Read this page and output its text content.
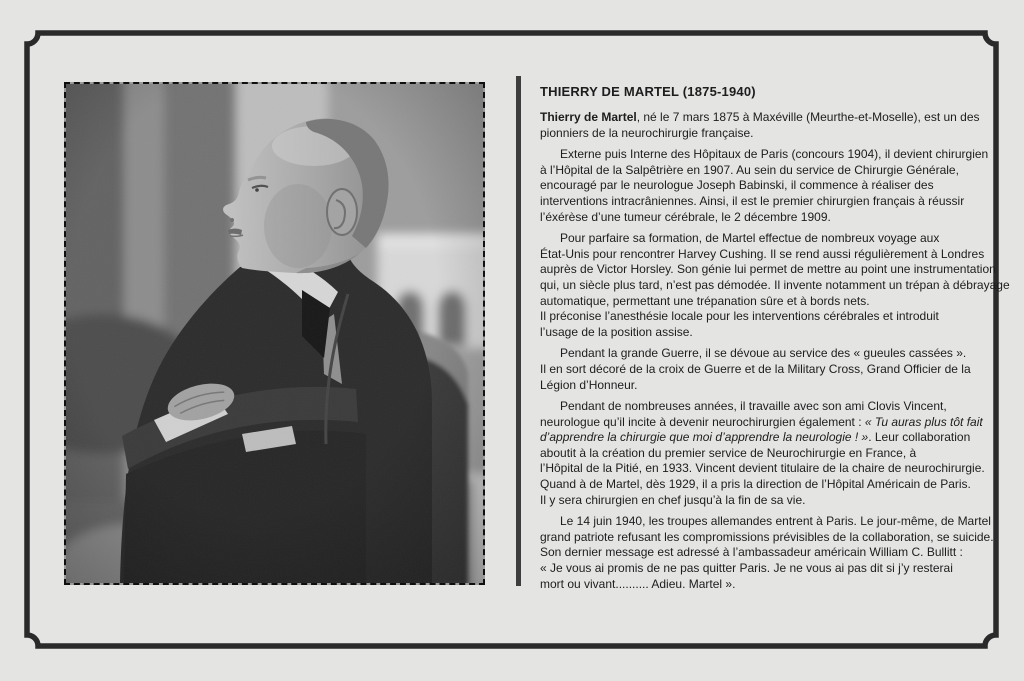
THIERRY DE MARTEL (1875-1940)

Thierry de Martel, né le 7 mars 1875 à Maxéville (Meurthe-et-Moselle), est un des
pionniers de la neurochirurgie française.

Externe puis Interne des Hôpitaux de Paris (concours 1904), il devient chirurgien
à l’Hôpital de la Salpêtrière en 1907. Au sein du service de Chirurgie Générale,
encouragé par le neurologue Joseph Babinski, il commence à réaliser des
interventions intracrâniennes. Ainsi, il est le premier chirurgien français à réussir
l’éxérèse d’une tumeur cérébrale, le 2 décembre 1909.

Pour parfaire sa formation, de Martel effectue de nombreux voyage aux
État-Unis pour rencontrer Harvey Cushing. Il se rend aussi régulièrement à Londres
auprès de Victor Horsley. Son génie lui permet de mettre au point une instrumentation
qui, un siècle plus tard, n’est pas démodée. Il invente notamment un trépan à débrayage
automatique, permettant une trépanation sûre et à bords nets.
Il préconise l’anesthésie locale pour les interventions cérébrales et introduit
l’usage de la position assise.

Pendant la grande Guerre, il se dévoue au service des « gueules cassées ».
Il en sort décoré de la croix de Guerre et de la Military Cross, Grand Officier de la
Légion d’Honneur.

Pendant de nombreuses années, il travaille avec son ami Clovis Vincent,
neurologue qu’il incite à devenir neurochirurgien également : « Tu auras plus tôt fait
d’apprendre la chirurgie que moi d’apprendre la neurologie ! ». Leur collaboration
aboutit à la création du premier service de Neurochirurgie en France, à
l’Hôpital de la Pitié, en 1933. Vincent devient titulaire de la chaire de neurochirurgie.
Quand à de Martel, dès 1929, il a pris la direction de l’Hôpital Américain de Paris.
Il y sera chirurgien en chef jusqu’à la fin de sa vie.

Le 14 juin 1940, les troupes allemandes entrent à Paris. Le jour-même, de Martel
grand patriote refusant les compromissions prévisibles de la collaboration, se suicide.
Son dernier message est adressé à l’ambassadeur américain William C. Bullitt :
« Je vous ai promis de ne pas quitter Paris. Je ne vous ai pas dit si j’y resterai
mort ou vivant.......... Adieu. Martel ».
